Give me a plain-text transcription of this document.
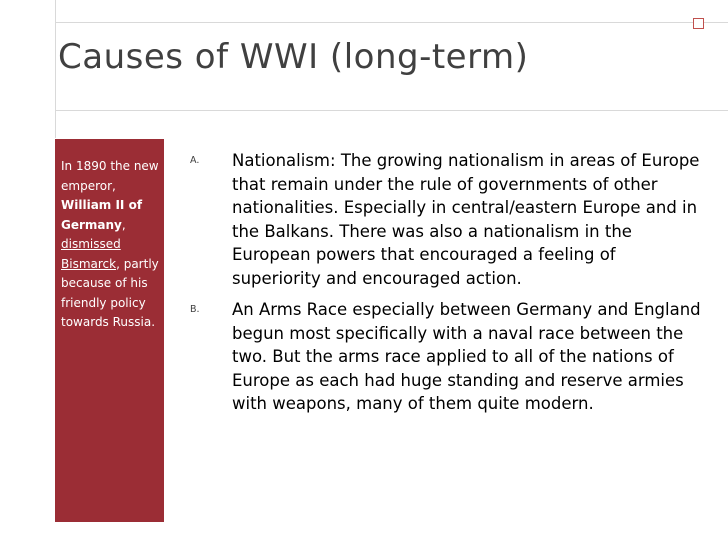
Causes of WWI (long-term)
In 1890 the new emperor, William II of Germany, dismissed Bismarck, partly because of his friendly policy towards Russia.
A.	Nationalism: The growing nationalism in areas of Europe that remain under the rule of governments of other nationalities. Especially in central/eastern Europe and in the Balkans. There was also a nationalism in the European powers that encouraged a feeling of superiority and encouraged action.
B.	An Arms Race especially between Germany and England begun most specifically with a naval race between the two. But the arms race applied to all of the nations of Europe as each had huge standing and reserve armies with weapons, many of them quite modern.
